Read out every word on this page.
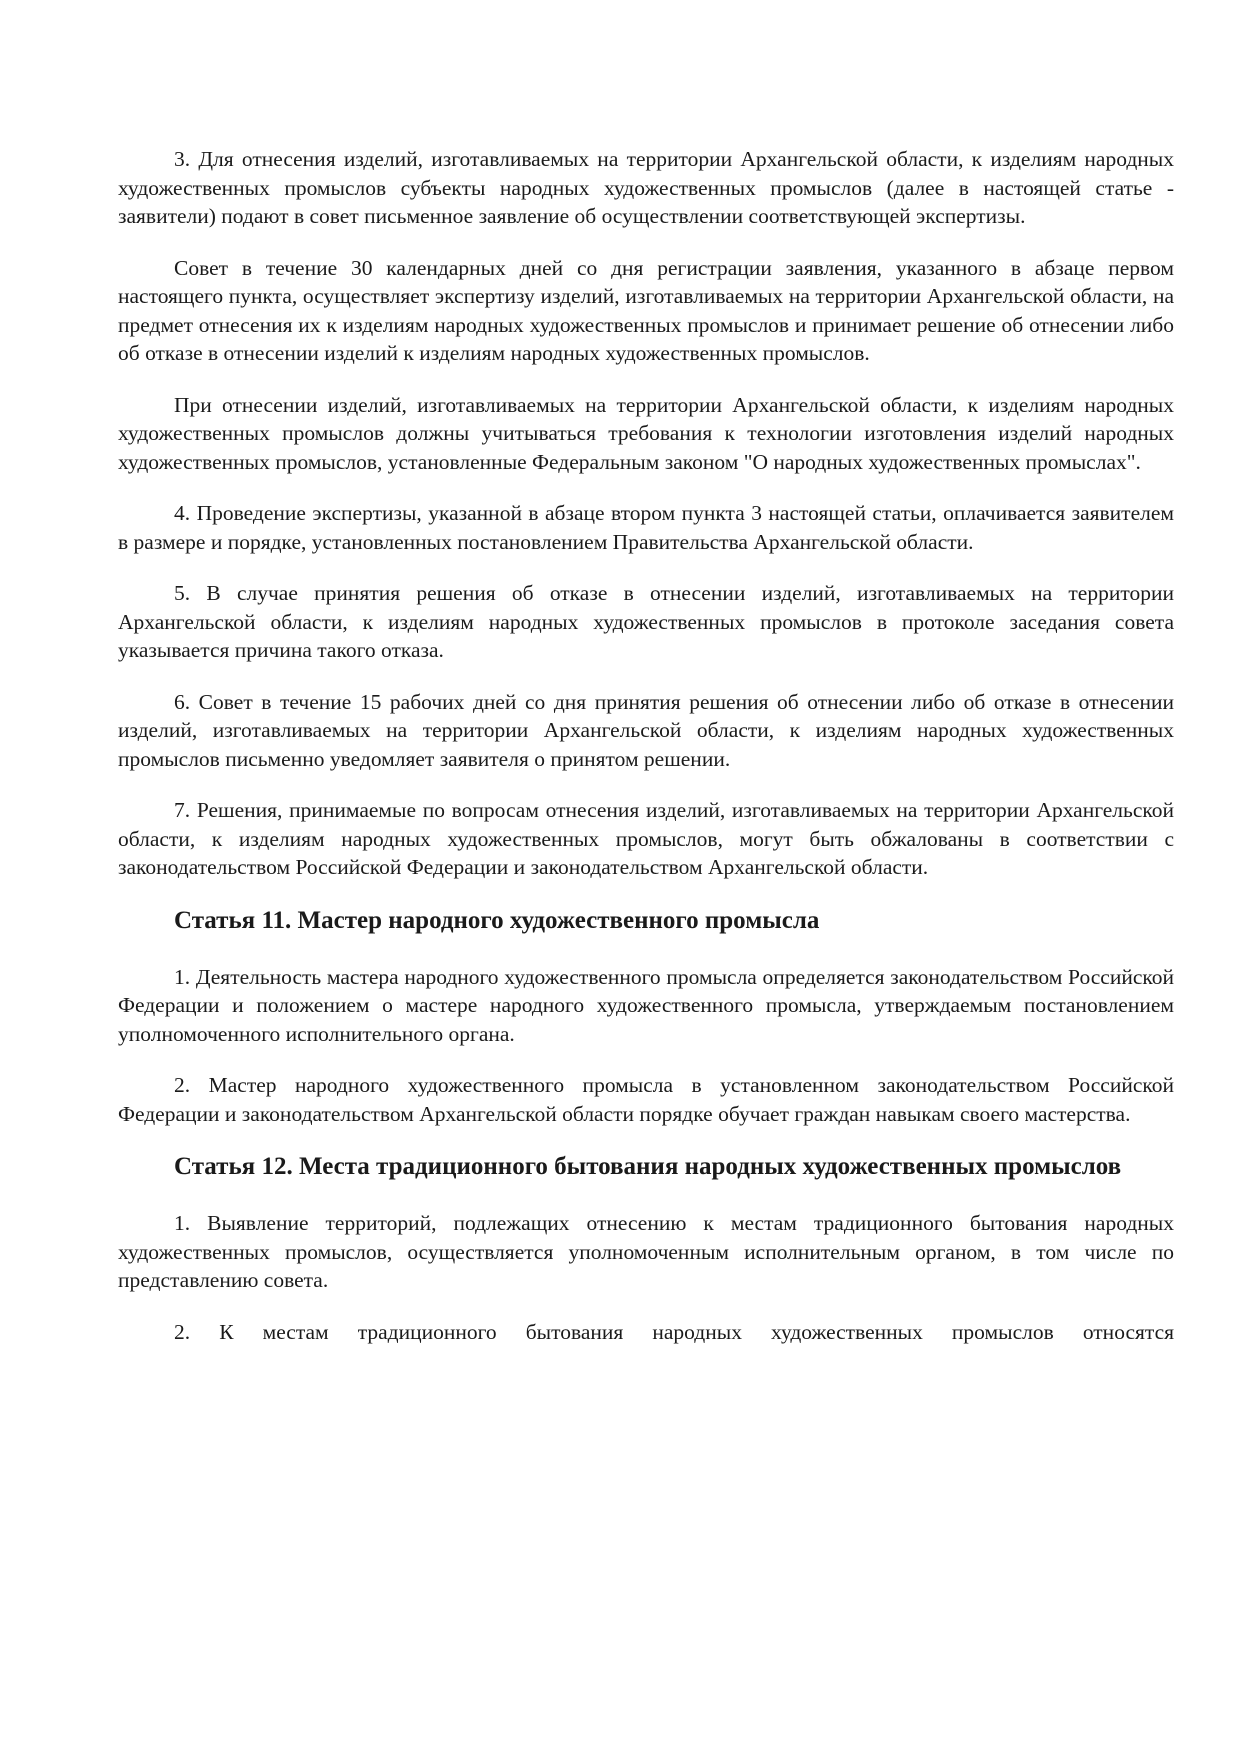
3. Для отнесения изделий, изготавливаемых на территории Архангельской области, к изделиям народных художественных промыслов субъекты народных художественных промыслов (далее в настоящей статье - заявители) подают в совет письменное заявление об осуществлении соответствующей экспертизы.

Совет в течение 30 календарных дней со дня регистрации заявления, указанного в абзаце первом настоящего пункта, осуществляет экспертизу изделий, изготавливаемых на территории Архангельской области, на предмет отнесения их к изделиям народных художественных промыслов и принимает решение об отнесении либо об отказе в отнесении изделий к изделиям народных художественных промыслов.

При отнесении изделий, изготавливаемых на территории Архангельской области, к изделиям народных художественных промыслов должны учитываться требования к технологии изготовления изделий народных художественных промыслов, установленные Федеральным законом "О народных художественных промыслах".

4. Проведение экспертизы, указанной в абзаце втором пункта 3 настоящей статьи, оплачивается заявителем в размере и порядке, установленных постановлением Правительства Архангельской области.

5. В случае принятия решения об отказе в отнесении изделий, изготавливаемых на территории Архангельской области, к изделиям народных художественных промыслов в протоколе заседания совета указывается причина такого отказа.

6. Совет в течение 15 рабочих дней со дня принятия решения об отнесении либо об отказе в отнесении изделий, изготавливаемых на территории Архангельской области, к изделиям народных художественных промыслов письменно уведомляет заявителя о принятом решении.

7. Решения, принимаемые по вопросам отнесения изделий, изготавливаемых на территории Архангельской области, к изделиям народных художественных промыслов, могут быть обжалованы в соответствии с законодательством Российской Федерации и законодательством Архангельской области.

Статья 11. Мастер народного художественного промысла

1. Деятельность мастера народного художественного промысла определяется законодательством Российской Федерации и положением о мастере народного художественного промысла, утверждаемым постановлением уполномоченного исполнительного органа.

2. Мастер народного художественного промысла в установленном законодательством Российской Федерации и законодательством Архангельской области порядке обучает граждан навыкам своего мастерства.

Статья 12. Места традиционного бытования народных художественных промыслов

1. Выявление территорий, подлежащих отнесению к местам традиционного бытования народных художественных промыслов, осуществляется уполномоченным исполнительным органом, в том числе по представлению совета.

2. К местам традиционного бытования народных художественных промыслов относятся
